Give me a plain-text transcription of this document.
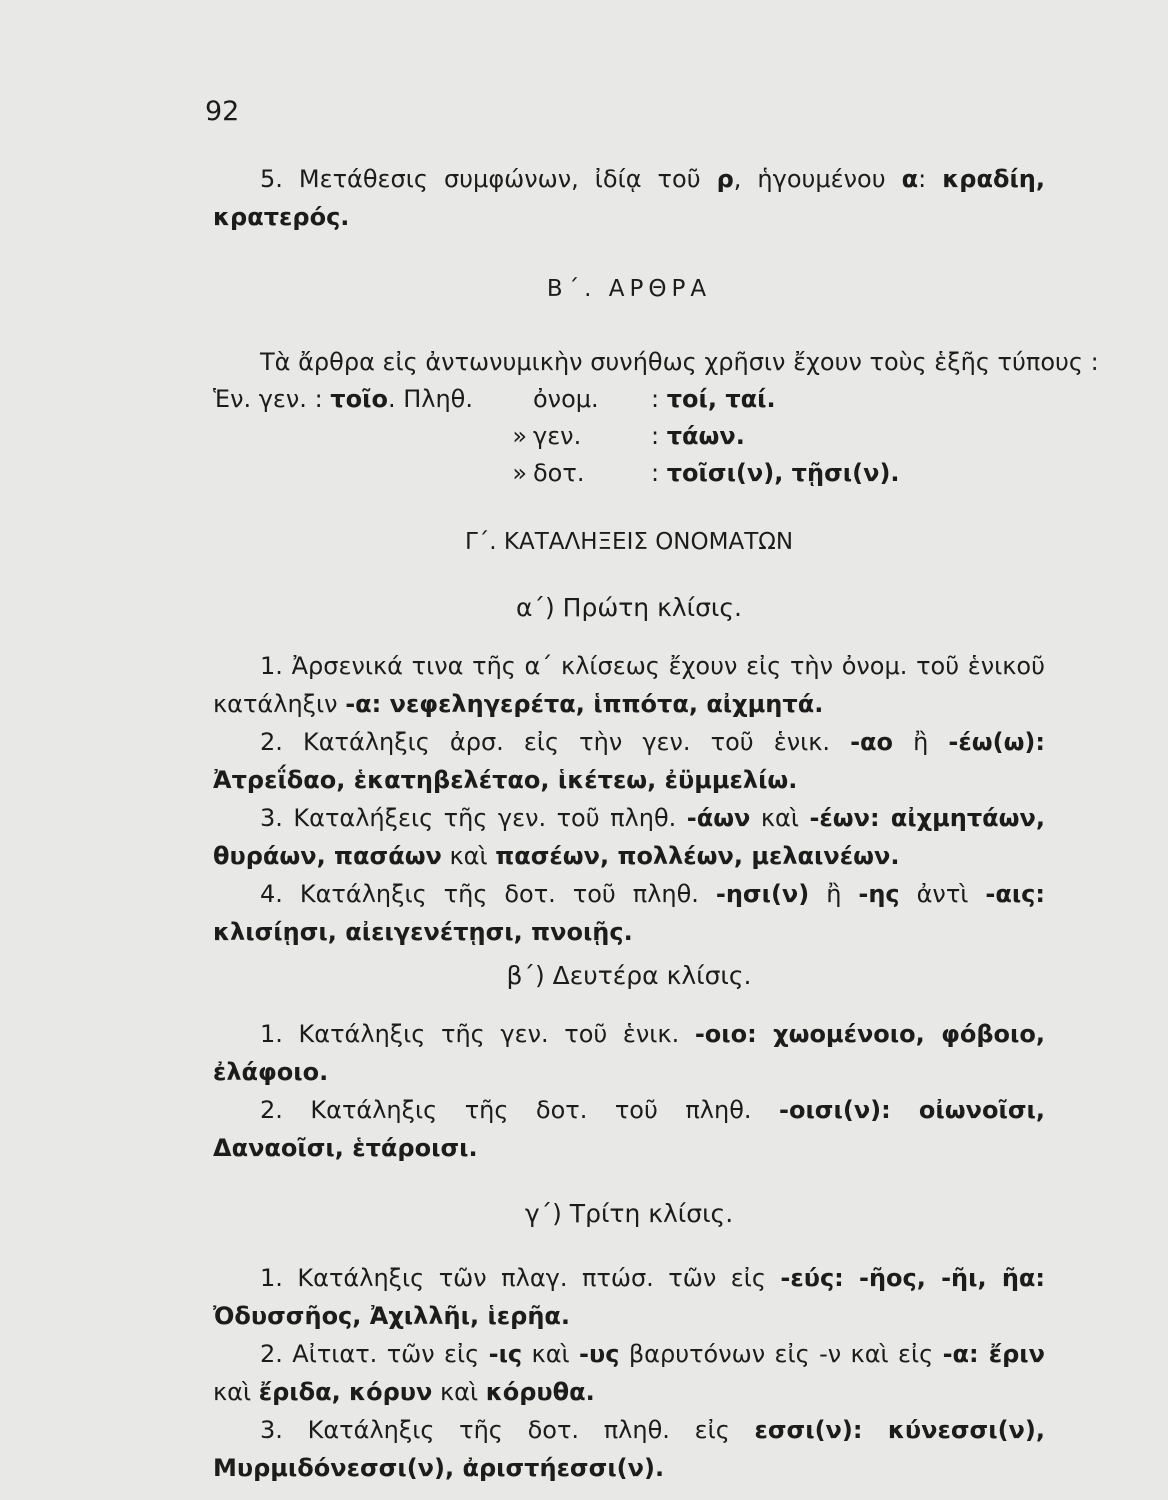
92
5. Μετάθεσις συμφώνων, ἰδίᾳ τοῦ ρ, ἡγουμένου α: κραδίη, κρατερός.
Β΄. ΑΡΘΡΑ
Τὰ ἄρθρα εἰς ἀντωνυμικὴν συνήθως χρῆσιν ἔχουν τοὺς ἑξῆς τύπους :
Ἑν. γεν. : τοῖο. Πληθ.	ὀνομ. : τοί, ταί.
» γεν.	: τάων.
» δοτ.	: τοῖσι(ν), τῇσι(ν).
Γ΄. ΚΑΤΑΛΗΞΕΙΣ ΟΝΟΜΑΤΩΝ
α΄) Πρώτη κλίσις.
1. Ἀρσενικά τινα τῆς α΄ κλίσεως ἔχουν εἰς τὴν ὀνομ. τοῦ ἑνικοῦ κατάληξιν -α: νεφεληγερέτα, ἱππότα, αἰχμητά.
2. Κατάληξις ἀρσ. εἰς τὴν γεν. τοῦ ἑνικ. -αο ἢ -έω(ω): Ἀτρεΐδαο, ἑκατηβελέταο, ἱκέτεω, ἐϋμμελίω.
3. Καταλήξεις τῆς γεν. τοῦ πληθ. -άων καὶ -έων: αἰχμητάων, θυράων, πασάων καὶ πασέων, πολλέων, μελαινέων.
4. Κατάληξις τῆς δοτ. τοῦ πληθ. -ησι(ν) ἢ -ης ἀντὶ -αις: κλισίῃσι, αἰειγενέτῃσι, πνοιῇς.
β΄) Δευτέρα κλίσις.
1. Κατάληξις τῆς γεν. τοῦ ἑνικ. -οιο: χωομένοιο, φόβοιο, ἐλάφοιο.
2. Κατάληξις τῆς δοτ. τοῦ πληθ. -οισι(ν): οἰωνοῖσι, Δαναοῖσι, ἑτάροισι.
γ΄) Τρίτη κλίσις.
1. Κατάληξις τῶν πλαγ. πτώσ. τῶν εἰς -εύς: -ῆος, -ῆι, ῆα: Ὀδυσσῆος, Ἀχιλλῆι, ἱερῆα.
2. Αἰτιατ. τῶν εἰς -ις καὶ -υς βαρυτόνων εἰς -ν καὶ εἰς -α: ἔριν καὶ ἔριδα, κόρυν καὶ κόρυθα.
3. Κατάληξις τῆς δοτ. πληθ. εἰς εσσι(ν): κύνεσσι(ν), Μυρμιδόνεσσι(ν), ἀριστήεσσι(ν).
